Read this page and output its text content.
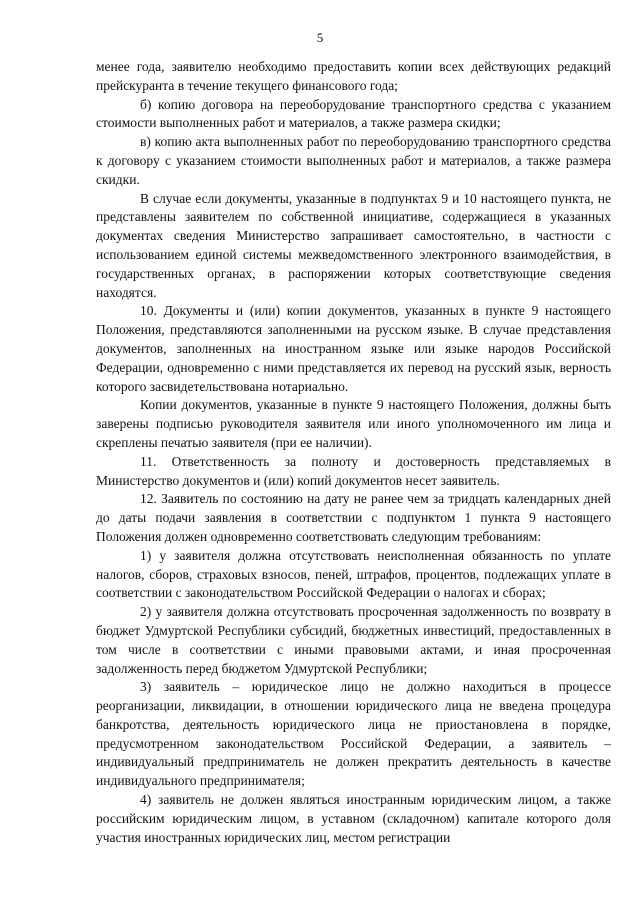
5

менее года, заявителю необходимо предоставить копии всех действующих редакций прейскуранта в течение текущего финансового года;

б) копию договора на переоборудование транспортного средства с указанием стоимости выполненных работ и материалов, а также размера скидки;

в) копию акта выполненных работ по переоборудованию транспортного средства к договору с указанием стоимости выполненных работ и материалов, а также размера скидки.

В случае если документы, указанные в подпунктах 9 и 10 настоящего пункта, не представлены заявителем по собственной инициативе, содержащиеся в указанных документах сведения Министерство запрашивает самостоятельно, в частности с использованием единой системы межведомственного электронного взаимодействия, в государственных органах, в распоряжении которых соответствующие сведения находятся.

10. Документы и (или) копии документов, указанных в пункте 9 настоящего Положения, представляются заполненными на русском языке. В случае представления документов, заполненных на иностранном языке или языке народов Российской Федерации, одновременно с ними представляется их перевод на русский язык, верность которого засвидетельствована нотариально.

Копии документов, указанные в пункте 9 настоящего Положения, должны быть заверены подписью руководителя заявителя или иного уполномоченного им лица и скреплены печатью заявителя (при ее наличии).

11. Ответственность за полноту и достоверность представляемых в Министерство документов и (или) копий документов несет заявитель.

12. Заявитель по состоянию на дату не ранее чем за тридцать календарных дней до даты подачи заявления в соответствии с подпунктом 1 пункта 9 настоящего Положения должен одновременно соответствовать следующим требованиям:

1) у заявителя должна отсутствовать неисполненная обязанность по уплате налогов, сборов, страховых взносов, пеней, штрафов, процентов, подлежащих уплате в соответствии с законодательством Российской Федерации о налогах и сборах;

2) у заявителя должна отсутствовать просроченная задолженность по возврату в бюджет Удмуртской Республики субсидий, бюджетных инвестиций, предоставленных в том числе в соответствии с иными правовыми актами, и иная просроченная задолженность перед бюджетом Удмуртской Республики;

3) заявитель – юридическое лицо не должно находиться в процессе реорганизации, ликвидации, в отношении юридического лица не введена процедура банкротства, деятельность юридического лица не приостановлена в порядке, предусмотренном законодательством Российской Федерации, а заявитель – индивидуальный предприниматель не должен прекратить деятельность в качестве индивидуального предпринимателя;

4) заявитель не должен являться иностранным юридическим лицом, а также российским юридическим лицом, в уставном (складочном) капитале которого доля участия иностранных юридических лиц, местом регистрации
